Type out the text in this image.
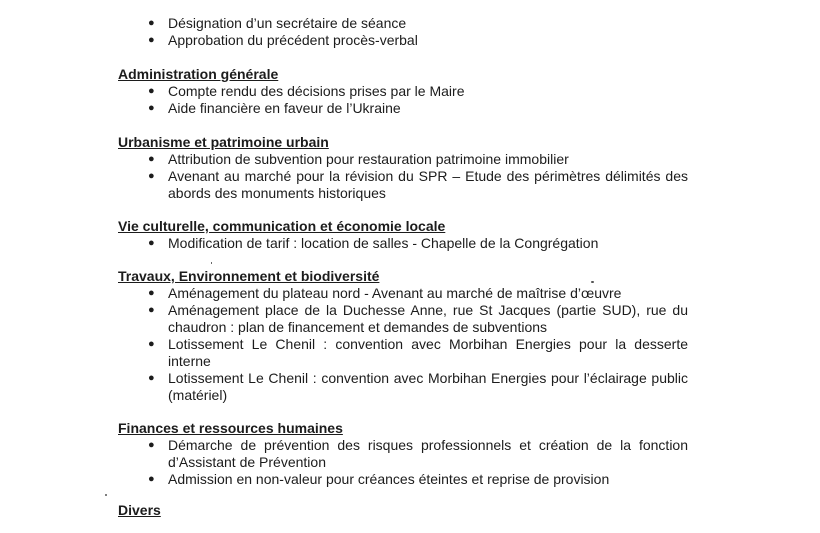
● Désignation d’un secrétaire de séance
● Approbation du précédent procès-verbal

Administration générale

● Compte rendu des décisions prises par le Maire
● Aide financière en faveur de l’Ukraine

Urbanisme et patrimoine urbain

● Attribution de subvention pour restauration patrimoine immobilier
● Avenant au marché pour la révision du SPR – Etude des périmètres délimités des abords des monuments historiques

Vie culturelle, communication et économie locale

● Modification de tarif : location de salles - Chapelle de la Congrégation

Travaux, Environnement et biodiversité

● Aménagement du plateau nord - Avenant au marché de maîtrise d’œuvre
● Aménagement place de la Duchesse Anne, rue St Jacques (partie SUD), rue du chaudron : plan de financement et demandes de subventions
● Lotissement Le Chenil : convention avec Morbihan Energies pour la desserte interne
● Lotissement Le Chenil : convention avec Morbihan Energies pour l’éclairage public (matériel)

Finances et ressources humaines

● Démarche de prévention des risques professionnels et création de la fonction d’Assistant de Prévention
● Admission en non-valeur pour créances éteintes et reprise de provision

Divers
